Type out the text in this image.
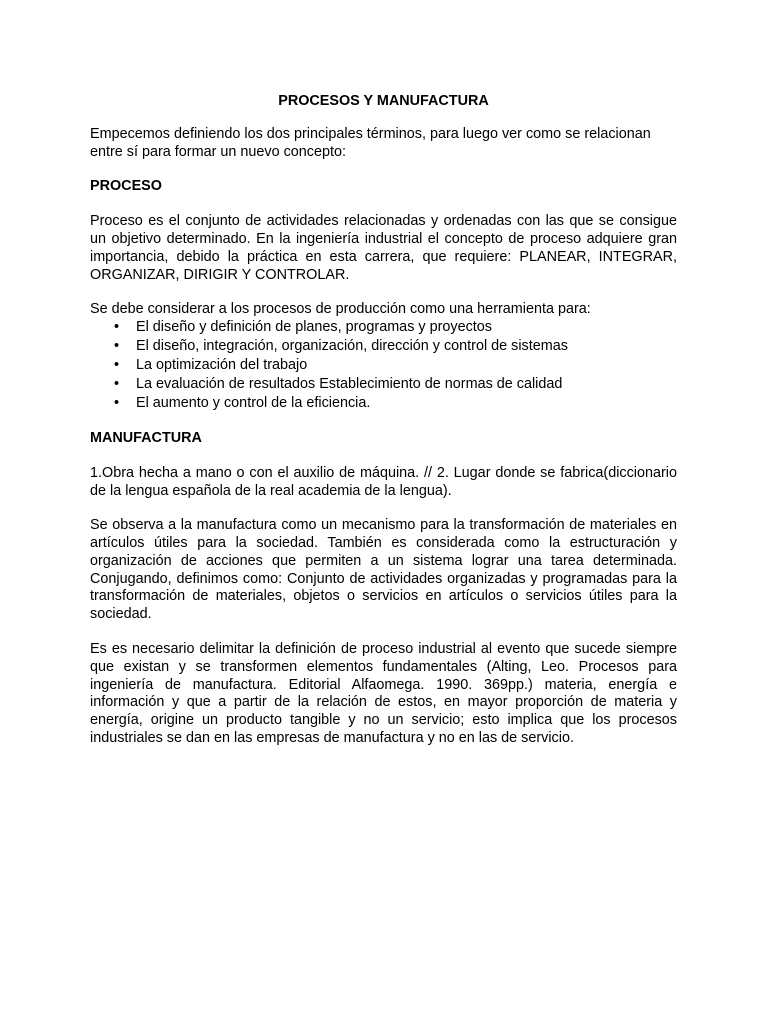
PROCESOS Y MANUFACTURA

Empecemos definiendo los dos principales términos, para luego ver como se relacionan entre sí para formar un nuevo concepto:

PROCESO

Proceso es el conjunto de actividades relacionadas y ordenadas con las que se consigue un objetivo determinado. En la ingeniería industrial el concepto de proceso adquiere gran importancia, debido la práctica en esta carrera, que requiere: PLANEAR, INTEGRAR, ORGANIZAR, DIRIGIR Y CONTROLAR.

Se debe considerar a los procesos de producción como una herramienta para:
• El diseño y definición de planes, programas y proyectos
• El diseño, integración, organización, dirección y control de sistemas
• La optimización del trabajo
• La evaluación de resultados Establecimiento de normas de calidad
• El aumento y control de la eficiencia.
MANUFACTURA

1.Obra hecha a mano o con el auxilio de máquina. // 2. Lugar donde se fabrica(diccionario de la lengua española de la real academia de la lengua).

Se observa a la manufactura como un mecanismo para la transformación de materiales en artículos útiles para la sociedad. También es considerada como la estructuración y organización de acciones que permiten a un sistema lograr una tarea determinada. Conjugando, definimos como: Conjunto de actividades organizadas y programadas para la transformación de materiales, objetos o servicios en artículos o servicios útiles para la sociedad.

Es es necesario delimitar la definición de proceso industrial al evento que sucede siempre que existan y se transformen elementos fundamentales (Alting, Leo. Procesos para ingeniería de manufactura. Editorial Alfaomega. 1990. 369pp.) materia, energía e información y que a partir de la relación de estos, en mayor proporción de materia y energía, origine un producto tangible y no un servicio; esto implica que los procesos industriales se dan en las empresas de manufactura y no en las de servicio.
